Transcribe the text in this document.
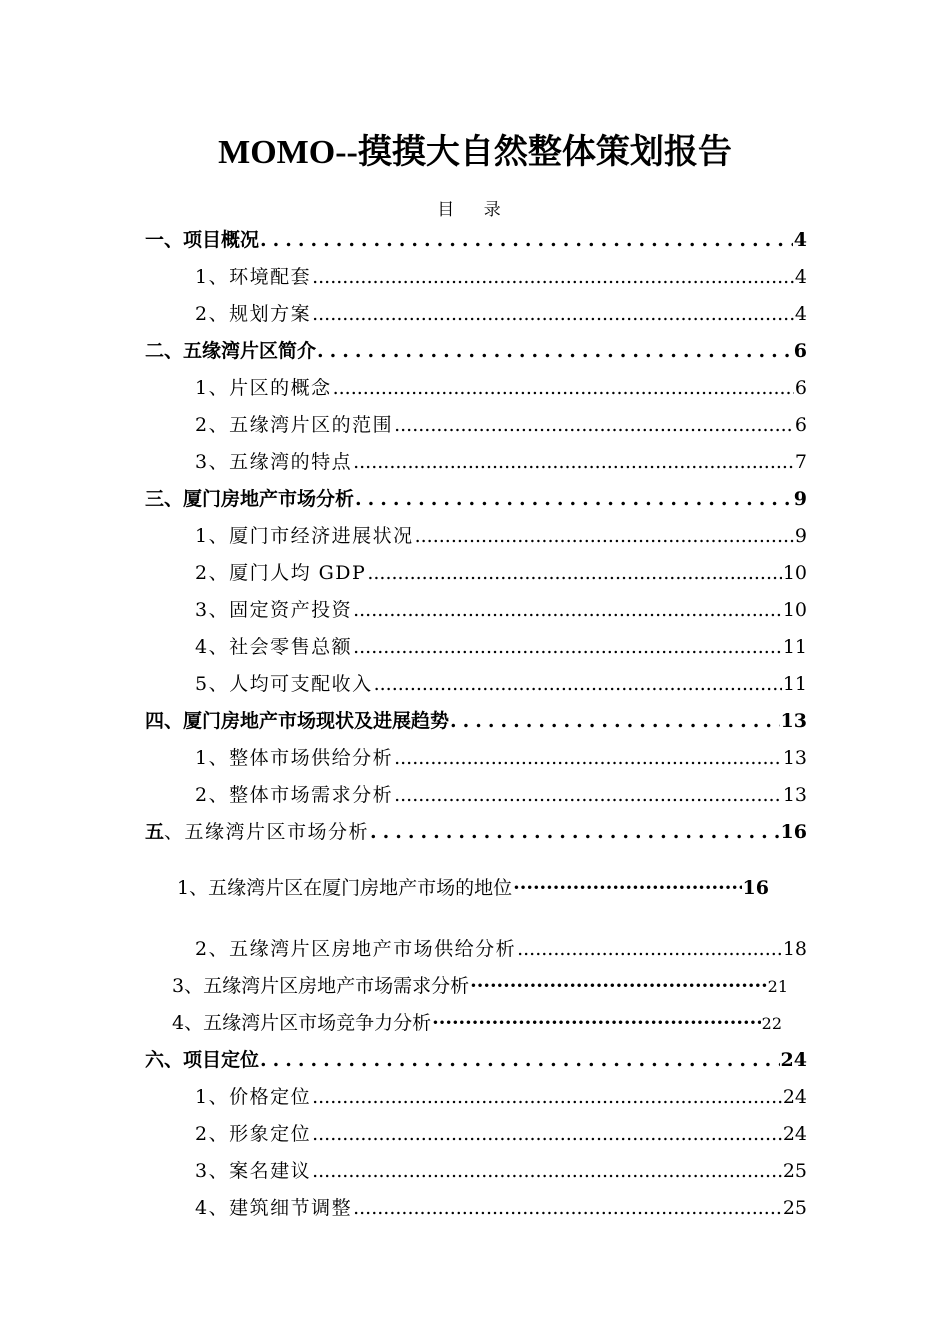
MOMO--摸摸大自然整体策划报告
目 录
一、项目概况 .....	4
1、环境配套 .....	4
2、规划方案 .....	4
二、五缘湾片区简介 .....	6
1、片区的概念 .....	6
2、五缘湾片区的范围 .....	6
3、五缘湾的特点 .....	7
三、厦门房地产市场分析 .....	9
1、厦门市经济进展状况 .....	9
2、厦门人均 GDP .....	10
3、固定资产投资 .....	10
4、社会零售总额 .....	11
5、人均可支配收入 .....	11
四、厦门房地产市场现状及进展趋势 .....	13
1、整体市场供给分析 .....	13
2、整体市场需求分析 .....	13
五、五缘湾片区市场分析 .....	16
1、五缘湾片区在厦门房地产市场的地位 ·····	16
2、五缘湾片区房地产市场供给分析 .....	18
3、五缘湾片区房地产市场需求分析 ·····	21
4、五缘湾片区市场竞争力分析 ·····	22
六、项目定位 .....	24
1、价格定位 .....	24
2、形象定位 .....	24
3、案名建议 .....	25
4、建筑细节调整 .....	25
